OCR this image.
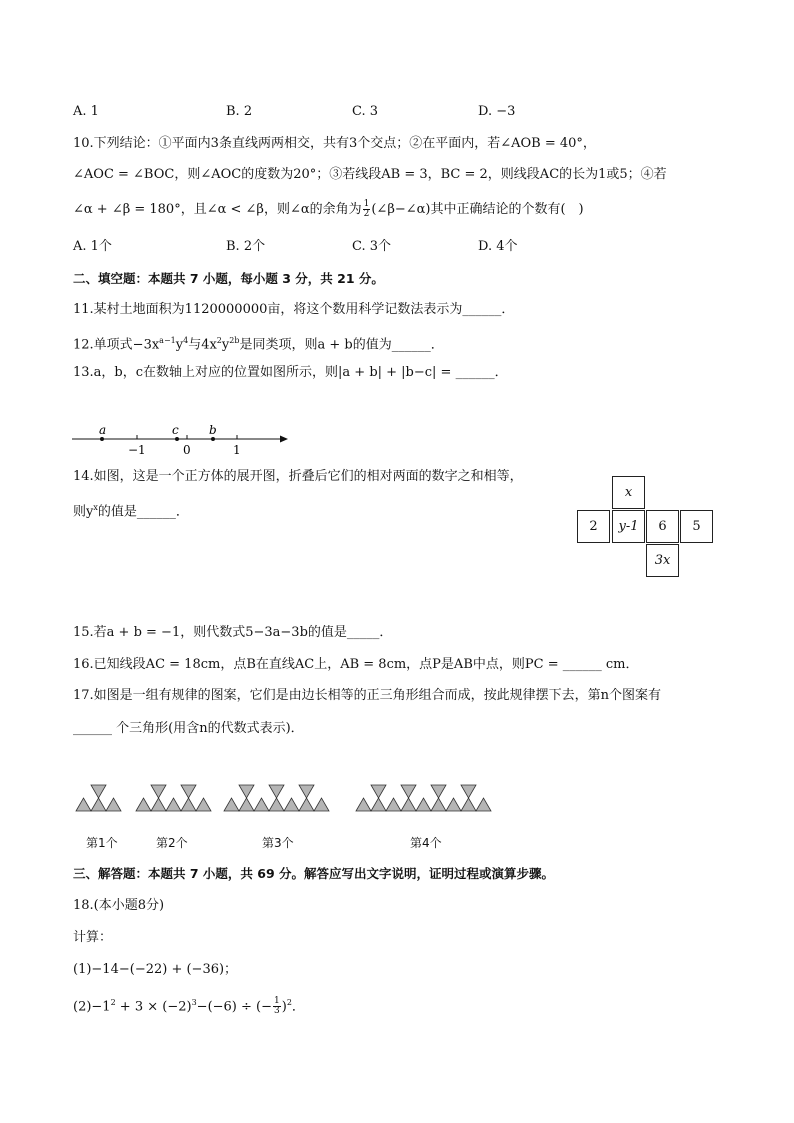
A. 1	B. 2	C. 3	D. −3
10.下列结论：①平面内3条直线两两相交，共有3个交点；②在平面内，若∠AOB = 40°，
∠AOC = ∠BOC，则∠AOC的度数为20°；③若线段AB = 3，BC = 2，则线段AC的长为1或5；④若
∠α + ∠β = 180°，且∠α < ∠β，则∠α的余角为 $\frac{1}{2}$ (∠β−∠α)其中正确结论的个数有(　)
A. 1个	B. 2个	C. 3个	D. 4个
二、填空题：本题共 7 小题，每小题 3 分，共 21 分。
11.某村土地面积为1120000000亩，将这个数用科学记数法表示为______．
12.单项式$-3x^{a-1}y^4$与$4x^2y^{2b}$是同类项，则a + b的值为______．
13.a，b，c在数轴上对应的位置如图所示，则|a + b| + |b−c| = ______．
a	c	b
−1	0	1
14.如图，这是一个正方体的展开图，折叠后它们的相对两面的数字之和相等，
则$y^x$的值是______．
x
2	y-1	6	5
3x
15.若a + b = −1，则代数式5−3a−3b的值是_____．
16.已知线段AC = 18cm，点B在直线AC上，AB = 8cm，点P是AB中点，则PC = ______ cm．
17.如图是一组有规律的图案，它们是由边长相等的正三角形组合而成，按此规律摆下去，第n个图案有
______ 个三角形(用含n的代数式表示)．
第1个	第2个	第3个	第4个
三、解答题：本题共 7 小题，共 69 分。解答应写出文字说明，证明过程或演算步骤。
18.(本小题8分)
计算：
(1)−14−(−22) + (−36)；
$(2)-1^2 + 3 \times (-2)^3-(-6)$ ÷ (− $\frac{1}{3} )^2$．
